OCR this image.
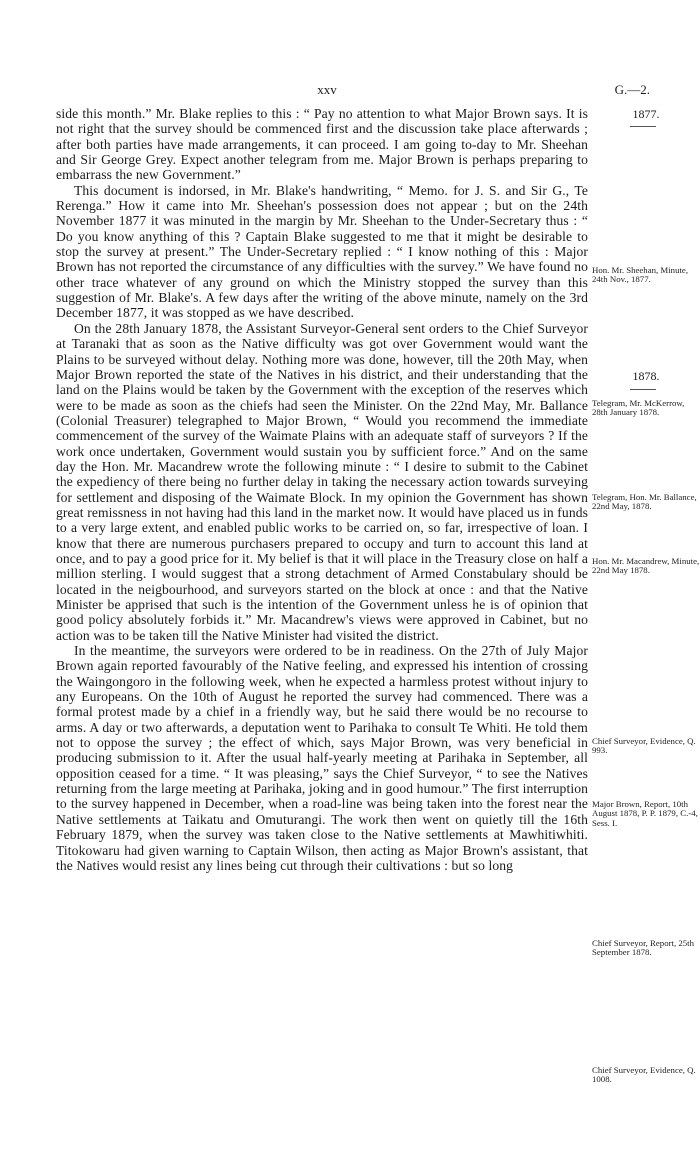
xxv	G.—2.

side this month.” Mr. Blake replies to this : “ Pay no attention to what Major Brown says. It is not right that the survey should be commenced first and the discussion take place afterwards ; after both parties have made arrangements, it can proceed. I am going to-day to Mr. Sheehan and Sir George Grey. Expect another telegram from me. Major Brown is perhaps preparing to embarrass the new Government.”

This document is indorsed, in Mr. Blake's handwriting, “ Memo. for J. S. and Sir G., Te Rerenga.” How it came into Mr. Sheehan's possession does not appear ; but on the 24th November 1877 it was minuted in the margin by Mr. Sheehan to the Under-Secretary thus : “ Do you know anything of this ? Captain Blake suggested to me that it might be desirable to stop the survey at present.” The Under-Secretary replied : “ I know nothing of this : Major Brown has not reported the circumstance of any difficulties with the survey.” We have found no other trace whatever of any ground on which the Ministry stopped the survey than this suggestion of Mr. Blake's. A few days after the writing of the above minute, namely on the 3rd December 1877, it was stopped as we have described.

On the 28th January 1878, the Assistant Surveyor-General sent orders to the Chief Surveyor at Taranaki that as soon as the Native difficulty was got over Government would want the Plains to be surveyed without delay. Nothing more was done, however, till the 20th May, when Major Brown reported the state of the Natives in his district, and their understanding that the land on the Plains would be taken by the Government with the exception of the reserves which were to be made as soon as the chiefs had seen the Minister. On the 22nd May, Mr. Ballance (Colonial Treasurer) telegraphed to Major Brown, “ Would you recommend the immediate commencement of the survey of the Waimate Plains with an adequate staff of surveyors ? If the work once undertaken, Government would sustain you by sufficient force.” And on the same day the Hon. Mr. Macandrew wrote the following minute : “ I desire to submit to the Cabinet the expediency of there being no further delay in taking the necessary action towards surveying for settlement and disposing of the Waimate Block. In my opinion the Government has shown great remissness in not having had this land in the market now. It would have placed us in funds to a very large extent, and enabled public works to be carried on, so far, irrespective of loan. I know that there are numerous purchasers prepared to occupy and turn to account this land at once, and to pay a good price for it. My belief is that it will place in the Treasury close on half a million sterling. I would suggest that a strong detachment of Armed Constabulary should be located in the neigbourhood, and surveyors started on the block at once : and that the Native Minister be apprised that such is the intention of the Government unless he is of opinion that good policy absolutely forbids it.” Mr. Macandrew's views were approved in Cabinet, but no action was to be taken till the Native Minister had visited the district.

In the meantime, the surveyors were ordered to be in readiness. On the 27th of July Major Brown again reported favourably of the Native feeling, and expressed his intention of crossing the Waingongoro in the following week, when he expected a harmless protest without injury to any Europeans. On the 10th of August he reported the survey had commenced. There was a formal protest made by a chief in a friendly way, but he said there would be no recourse to arms. A day or two afterwards, a deputation went to Parihaka to consult Te Whiti. He told them not to oppose the survey ; the effect of which, says Major Brown, was very beneficial in producing submission to it. After the usual half-yearly meeting at Parihaka in September, all opposition ceased for a time. “ It was pleasing,” says the Chief Surveyor, “ to see the Natives returning from the large meeting at Parihaka, joking and in good humour.” The first interruption to the survey happened in December, when a road-line was being taken into the forest near the Native settlements at Taikatu and Omuturangi. The work then went on quietly till the 16th February 1879, when the survey was taken close to the Native settlements at Mawhitiwhiti. Titokowaru had given warning to Captain Wilson, then acting as Major Brown's assistant, that the Natives would resist any lines being cut through their cultivations : but so long

1877.
Hon. Mr. Sheehan, Minute, 24th Nov., 1877.
1878.
Telegram, Mr. McKerrow, 28th January 1878.
Telegram, Hon. Mr. Ballance, 22nd May, 1878.
Hon. Mr. Macandrew, Minute, 22nd May 1878.
Chief Surveyor, Evidence, Q. 993.
Major Brown, Report, 10th August 1878, P. P. 1879, C.-4, Sess. I.
Chief Surveyor, Report, 25th September 1878.
Chief Surveyor, Evidence, Q. 1008.
